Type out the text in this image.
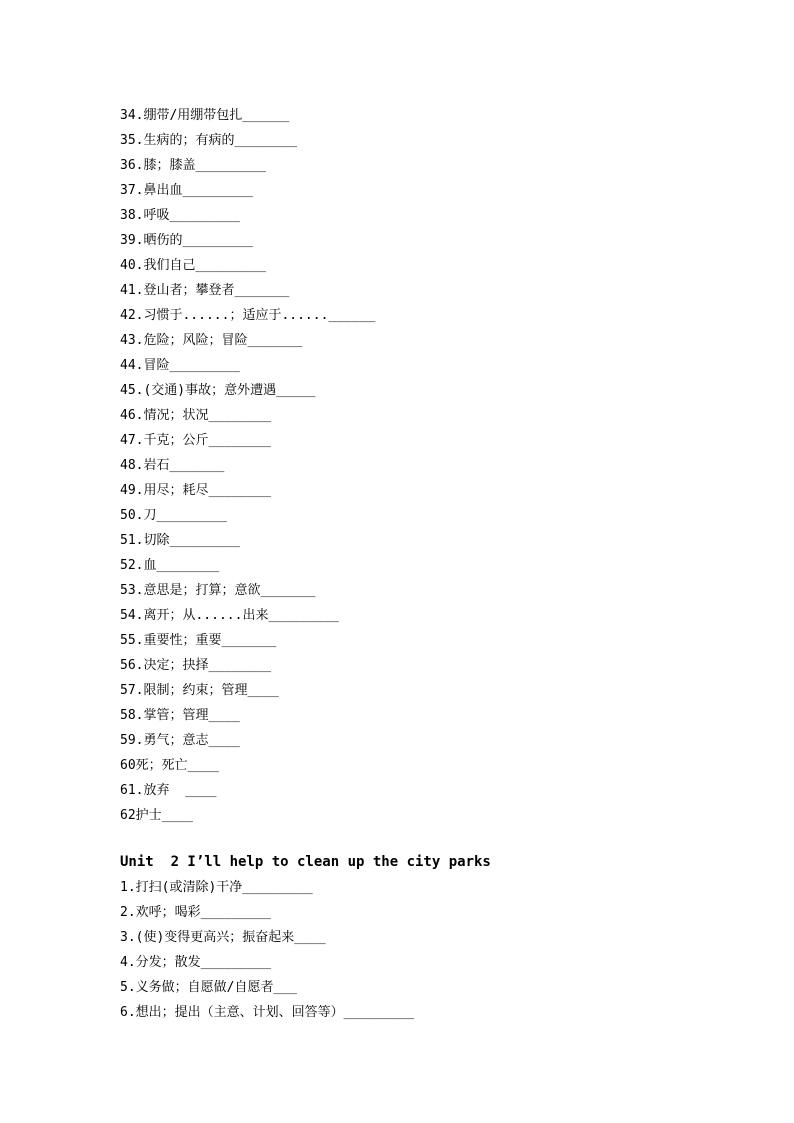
34.绷带/用绷带包扎______
35.生病的；有病的________
36.膝；膝盖_________
37.鼻出血_________
38.呼吸_________
39.晒伤的_________
40.我们自己_________
41.登山者；攀登者_______
42.习惯于......；适应于......______
43.危险；风险；冒险_______
44.冒险_________
45.(交通)事故；意外遭遇_____
46.情况；状况________
47.千克；公斤________
48.岩石_______
49.用尽；耗尽________
50.刀_________
51.切除_________
52.血________
53.意思是；打算；意欲_______
54.离开；从......出来_________
55.重要性；重要_______
56.决定；抉择________
57.限制；约束；管理____
58.掌管；管理____
59.勇气；意志____
60死；死亡____
61.放弃  ____
62护士____
Unit  2 I’ll help to clean up the city parks
1.打扫(或清除)干净_________
2.欢呼；喝彩_________
3.(使)变得更高兴；振奋起来____
4.分发；散发_________
5.义务做；自愿做/自愿者___
6.想出；提出（主意、计划、回答等）_________
